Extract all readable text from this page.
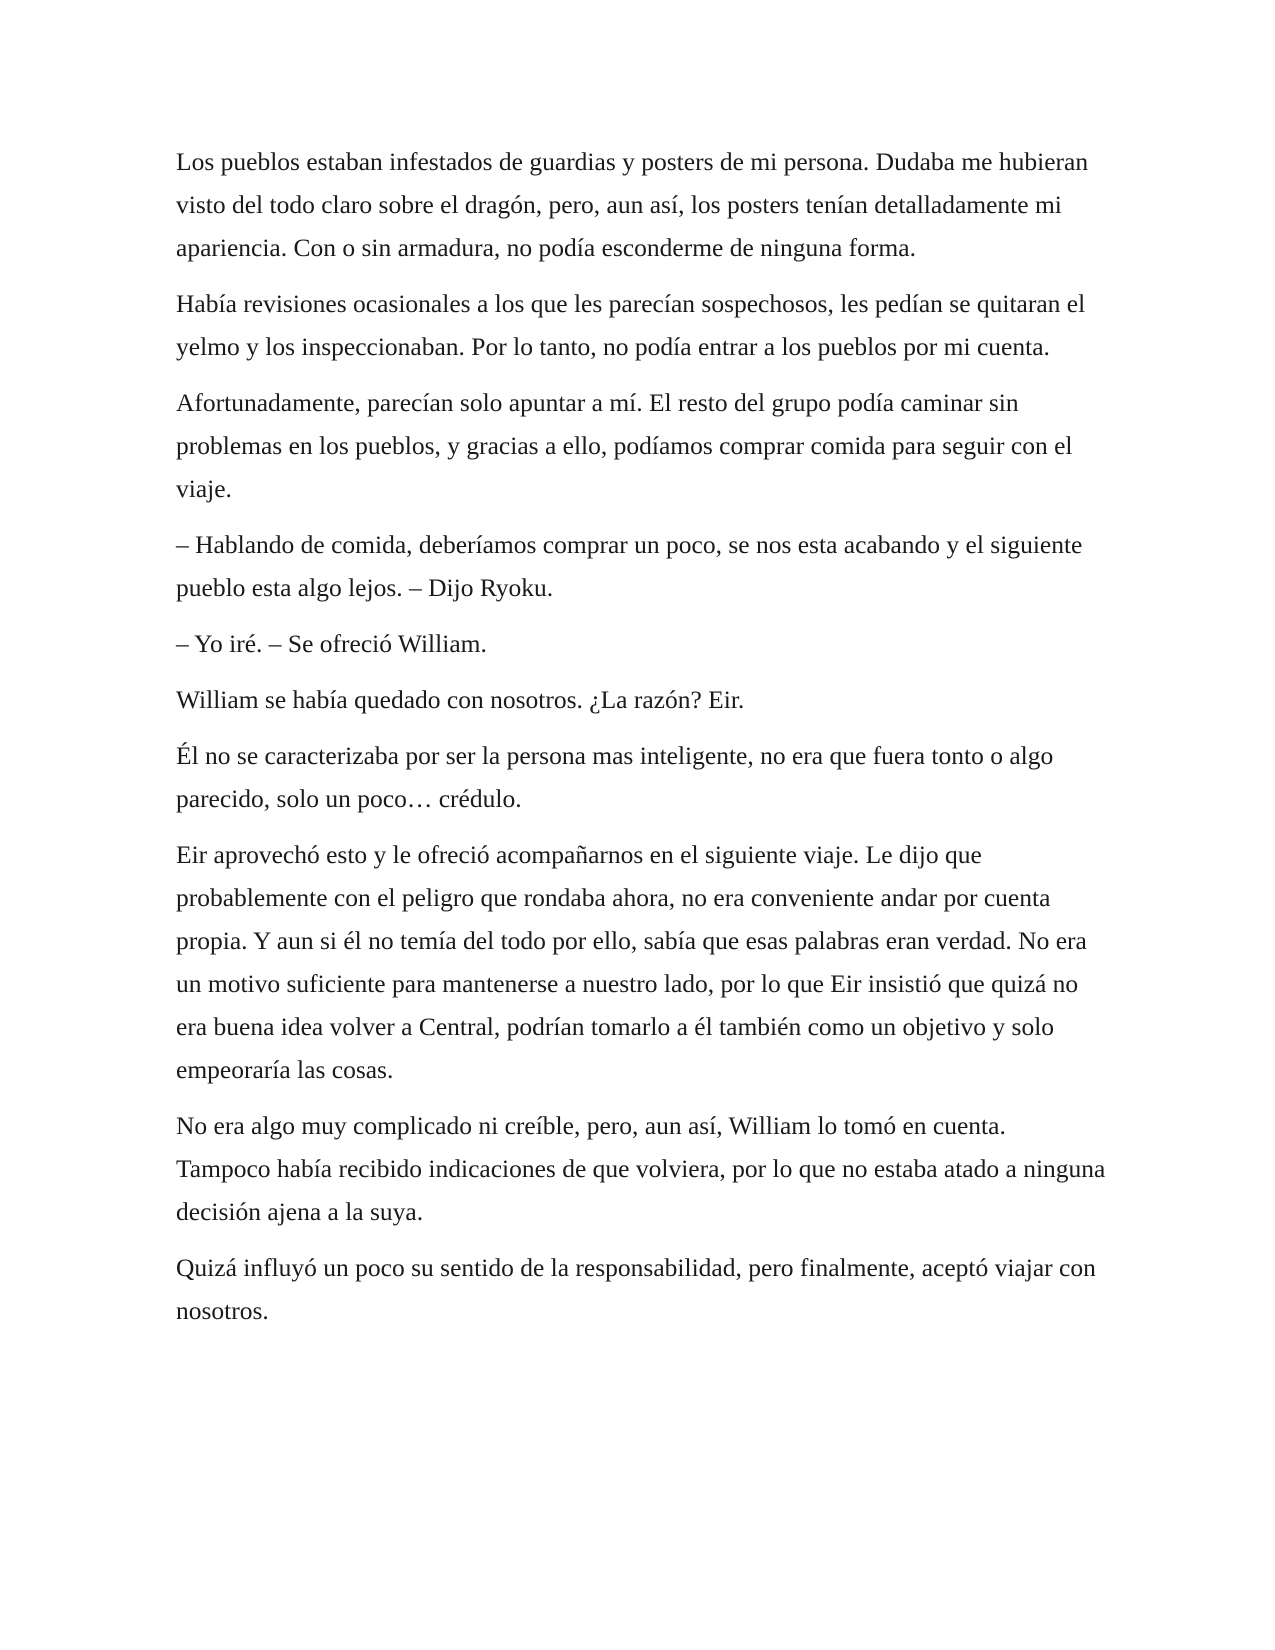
Los pueblos estaban infestados de guardias y posters de mi persona. Dudaba me hubieran visto del todo claro sobre el dragón, pero, aun así, los posters tenían detalladamente mi apariencia. Con o sin armadura, no podía esconderme de ninguna forma.

Había revisiones ocasionales a los que les parecían sospechosos, les pedían se quitaran el yelmo y los inspeccionaban. Por lo tanto, no podía entrar a los pueblos por mi cuenta.

Afortunadamente, parecían solo apuntar a mí. El resto del grupo podía caminar sin problemas en los pueblos, y gracias a ello, podíamos comprar comida para seguir con el viaje.

– Hablando de comida, deberíamos comprar un poco, se nos esta acabando y el siguiente pueblo esta algo lejos. – Dijo Ryoku.

– Yo iré. – Se ofreció William.

William se había quedado con nosotros. ¿La razón? Eir.

Él no se caracterizaba por ser la persona mas inteligente, no era que fuera tonto o algo parecido, solo un poco… crédulo.

Eir aprovechó esto y le ofreció acompañarnos en el siguiente viaje. Le dijo que probablemente con el peligro que rondaba ahora, no era conveniente andar por cuenta propia. Y aun si él no temía del todo por ello, sabía que esas palabras eran verdad. No era un motivo suficiente para mantenerse a nuestro lado, por lo que Eir insistió que quizá no era buena idea volver a Central, podrían tomarlo a él también como un objetivo y solo empeoraría las cosas.

No era algo muy complicado ni creíble, pero, aun así, William lo tomó en cuenta. Tampoco había recibido indicaciones de que volviera, por lo que no estaba atado a ninguna decisión ajena a la suya.

Quizá influyó un poco su sentido de la responsabilidad, pero finalmente, aceptó viajar con nosotros.
